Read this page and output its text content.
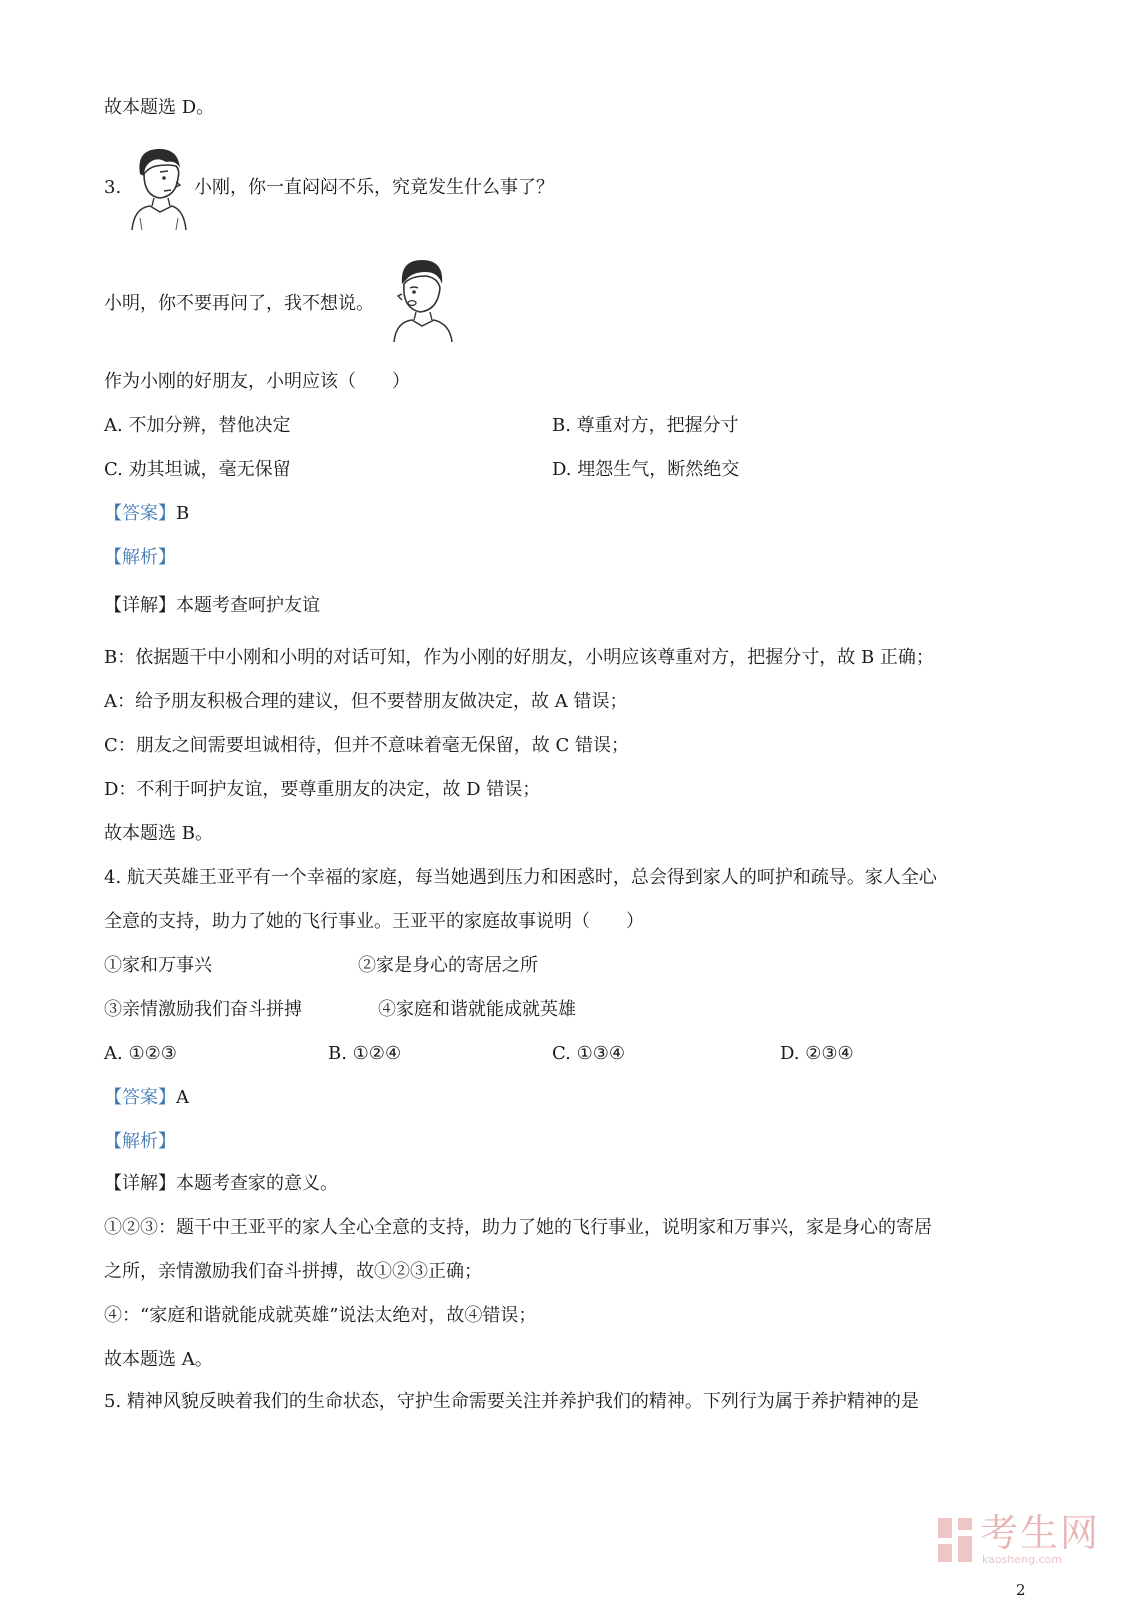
故本题选 D。
3.	小刚，你一直闷闷不乐，究竟发生什么事了？
小明，你不要再问了，我不想说。
作为小刚的好朋友，小明应该（　　）
A. 不加分辨，替他决定	B. 尊重对方，把握分寸
C. 劝其坦诚，毫无保留	D. 埋怨生气，断然绝交
【答案】B
【解析】
【详解】本题考查呵护友谊
B：依据题干中小刚和小明的对话可知，作为小刚的好朋友，小明应该尊重对方，把握分寸，故 B 正确；
A：给予朋友积极合理的建议，但不要替朋友做决定，故 A 错误；
C：朋友之间需要坦诚相待，但并不意味着毫无保留，故 C 错误；
D：不利于呵护友谊，要尊重朋友的决定，故 D 错误；
故本题选 B。
4. 航天英雄王亚平有一个幸福的家庭，每当她遇到压力和困惑时，总会得到家人的呵护和疏导。家人全心
全意的支持，助力了她的飞行事业。王亚平的家庭故事说明（　　）
①家和万事兴	②家是身心的寄居之所
③亲情激励我们奋斗拼搏	④家庭和谐就能成就英雄
A. ①②③	B. ①②④	C. ①③④	D. ②③④
【答案】A
【解析】
【详解】本题考查家的意义。
①②③：题干中王亚平的家人全心全意的支持，助力了她的飞行事业，说明家和万事兴，家是身心的寄居
之所，亲情激励我们奋斗拼搏，故①②③正确；
④：“家庭和谐就能成就英雄”说法太绝对，故④错误；
故本题选 A。
5. 精神风貌反映着我们的生命状态，守护生命需要关注并养护我们的精神。下列行为属于养护精神的是
考生网
kaosheng.com
2
